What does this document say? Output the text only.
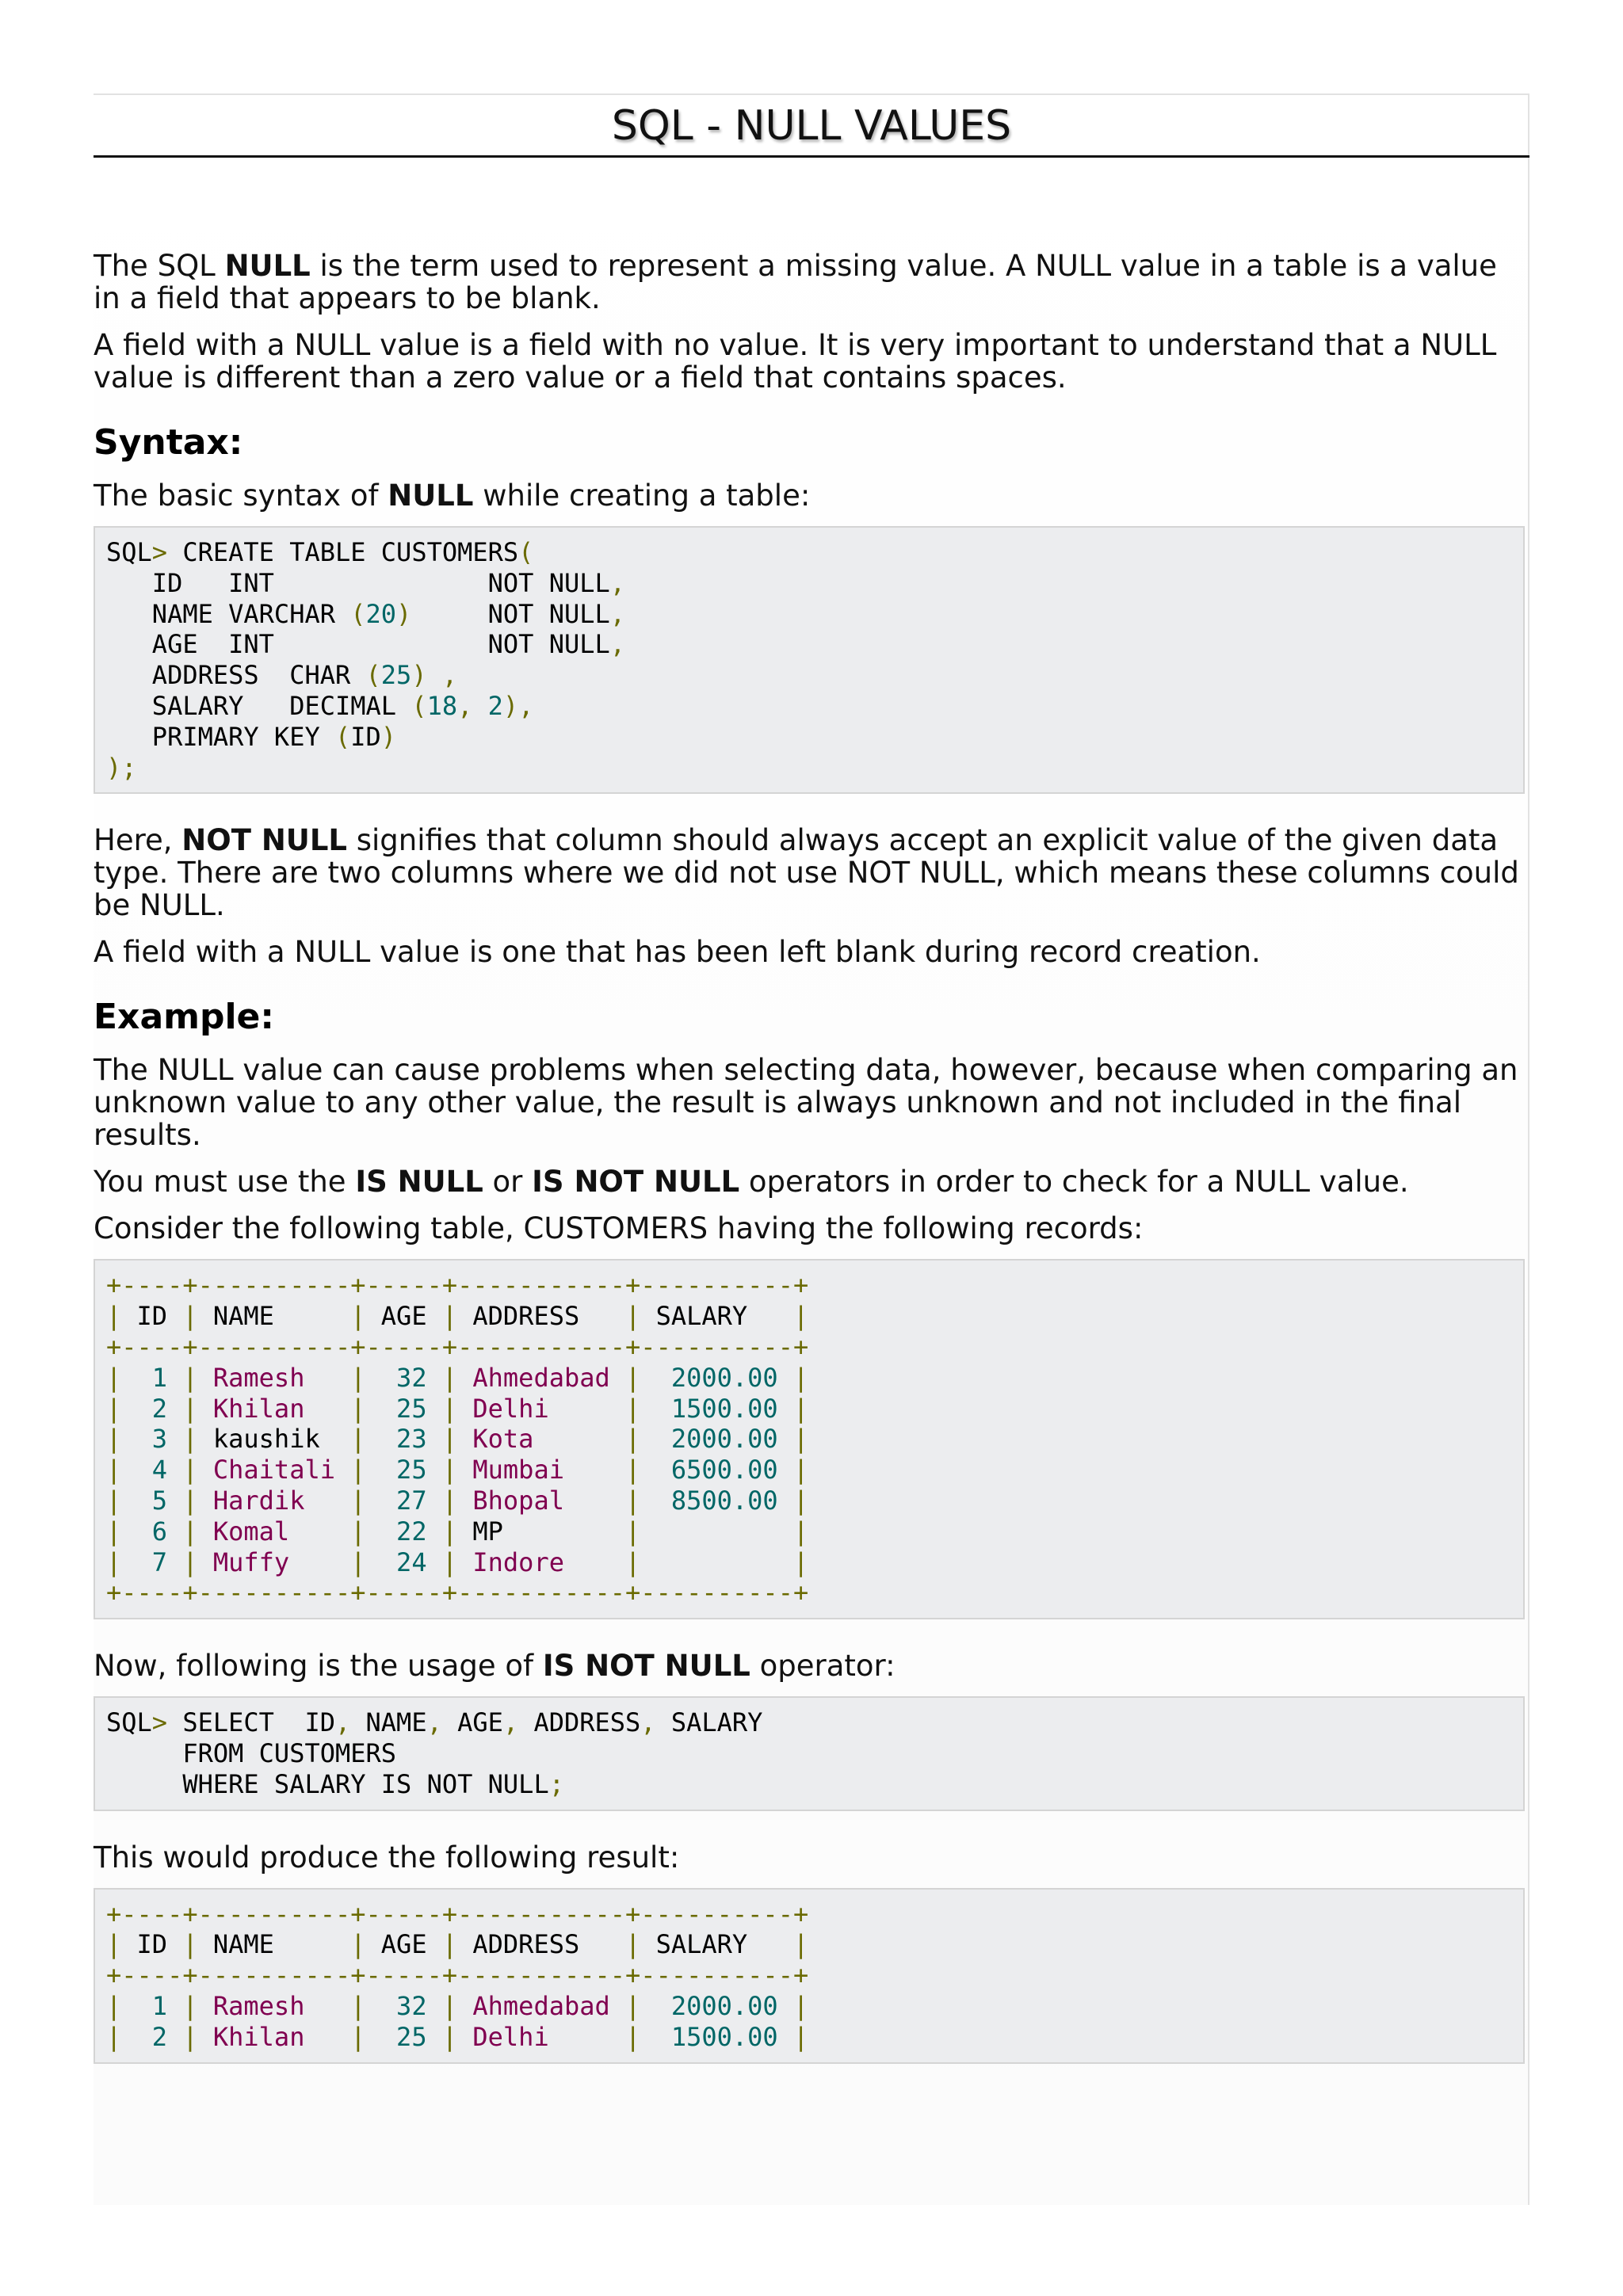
SQL - NULL VALUES

The SQL NULL is the term used to represent a missing value. A NULL value in a table is a value in a field that appears to be blank.

A field with a NULL value is a field with no value. It is very important to understand that a NULL value is different than a zero value or a field that contains spaces.

Syntax:

The basic syntax of NULL while creating a table:

SQL> CREATE TABLE CUSTOMERS(
ID   INT              NOT NULL,
NAME VARCHAR (20)     NOT NULL,
AGE  INT              NOT NULL,
ADDRESS  CHAR (25) ,
SALARY   DECIMAL (18, 2),
PRIMARY KEY (ID)
);

Here, NOT NULL signifies that column should always accept an explicit value of the given data type. There are two columns where we did not use NOT NULL, which means these columns could be NULL.

A field with a NULL value is one that has been left blank during record creation.

Example:

The NULL value can cause problems when selecting data, however, because when comparing an unknown value to any other value, the result is always unknown and not included in the final results.

You must use the IS NULL or IS NOT NULL operators in order to check for a NULL value.

Consider the following table, CUSTOMERS having the following records:

+----+----------+-----+-----------+----------+
| ID | NAME     | AGE | ADDRESS   | SALARY   |
+----+----------+-----+-----------+----------+
|  1 | Ramesh   |  32 | Ahmedabad |  2000.00 |
|  2 | Khilan   |  25 | Delhi     |  1500.00 |
|  3 | kaushik  |  23 | Kota      |  2000.00 |
|  4 | Chaitali |  25 | Mumbai    |  6500.00 |
|  5 | Hardik   |  27 | Bhopal    |  8500.00 |
|  6 | Komal    |  22 | MP        |	|
|  7 | Muffy    |  24 | Indore    |	|
+----+----------+-----+-----------+----------+

Now, following is the usage of IS NOT NULL operator:

SQL> SELECT  ID, NAME, AGE, ADDRESS, SALARY
FROM CUSTOMERS
WHERE SALARY IS NOT NULL;

This would produce the following result:

+----+----------+-----+-----------+----------+
| ID | NAME     | AGE | ADDRESS   | SALARY   |
+----+----------+-----+-----------+----------+
|  1 | Ramesh   |  32 | Ahmedabad |  2000.00 |
|  2 | Khilan   |  25 | Delhi     |  1500.00 |
